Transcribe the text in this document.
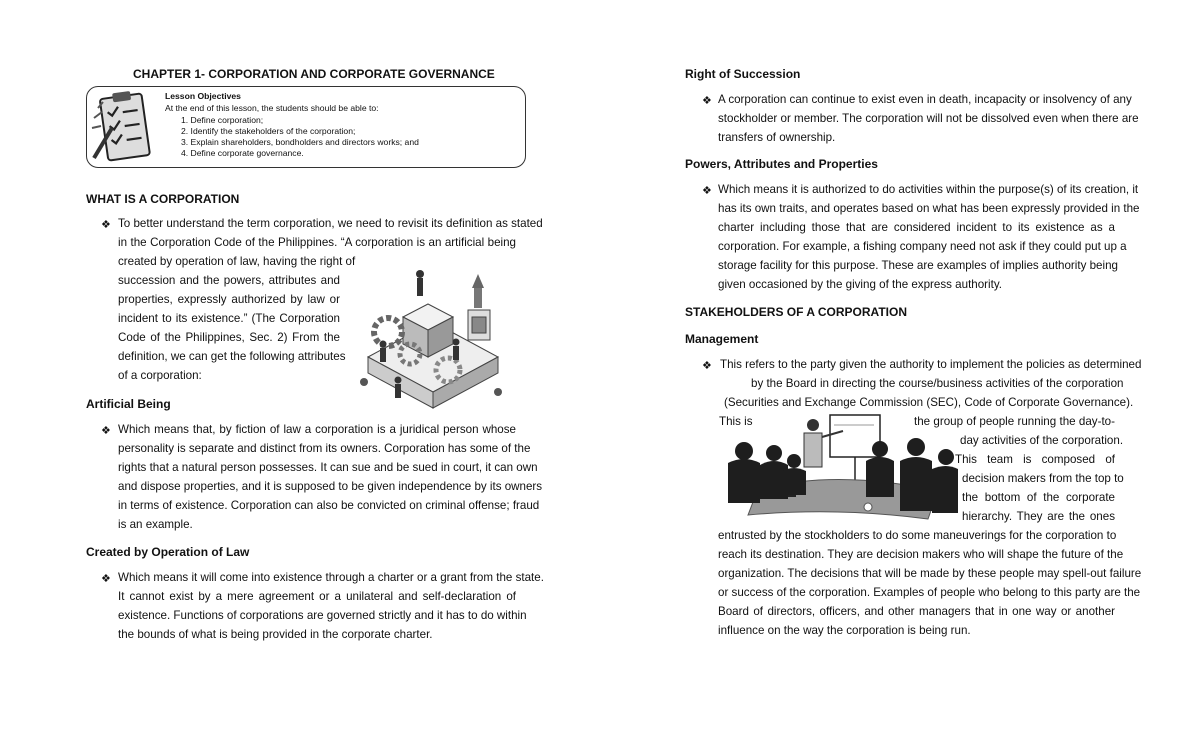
CHAPTER 1- CORPORATION AND CORPORATE GOVERNANCE
Lesson Objectives
At the end of this lesson, the students should be able to:
1. Define corporation;
2. Identify the stakeholders of the corporation;
3. Explain shareholders, bondholders and directors works; and
4. Define corporate governance.
WHAT IS A CORPORATION
❖ To better understand the term corporation, we need to revisit its definition as stated
in the Corporation Code of the Philippines. “A corporation is an artificial being
created by operation of law, having the right of
succession and the powers, attributes and
properties, expressly authorized by law or
incident to its existence.” (The Corporation
Code of the Philippines, Sec. 2) From the
definition, we can get the following attributes
of a corporation:
Artificial Being
❖ Which means that, by fiction of law a corporation is a juridical person whose
personality is separate and distinct from its owners. Corporation has some of the
rights that a natural person possesses. It can sue and be sued in court, it can own
and dispose properties, and it is supposed to be given independence by its owners
in terms of existence. Corporation can also be convicted on criminal offense; fraud
is an example.
Created by Operation of Law
❖ Which means it will come into existence through a charter or a grant from the state.
It cannot exist by a mere agreement or a unilateral and self-declaration of
existence. Functions of corporations are governed strictly and it has to do within
the bounds of what is being provided in the corporate charter.
Right of Succession
❖ A corporation can continue to exist even in death, incapacity or insolvency of any
stockholder or member. The corporation will not be dissolved even when there are
transfers of ownership.
Powers, Attributes and Properties
❖ Which means it is authorized to do activities within the purpose(s) of its creation, it
has its own traits, and operates based on what has been expressly provided in the
charter including those that are considered incident to its existence as a
corporation. For example, a fishing company need not ask if they could put up a
storage facility for this purpose. These are examples of implies authority being
given occasioned by the giving of the express authority.
STAKEHOLDERS OF A CORPORATION
Management
❖ This refers to the party given the authority to implement the policies as determined
by the Board in directing the course/business activities of the corporation
(Securities and Exchange Commission (SEC), Code of Corporate Governance).
This is	the group of people running the day-to-
day activities of the corporation.
This team is composed of
decision makers from the top to
the bottom of the corporate
hierarchy. They are the ones
entrusted by the stockholders to do some maneuverings for the corporation to
reach its destination. They are decision makers who will shape the future of the
organization. The decisions that will be made by these people may spell-out failure
or success of the corporation. Examples of people who belong to this party are the
Board of directors, officers, and other managers that in one way or another
influence on the way the corporation is being run.
